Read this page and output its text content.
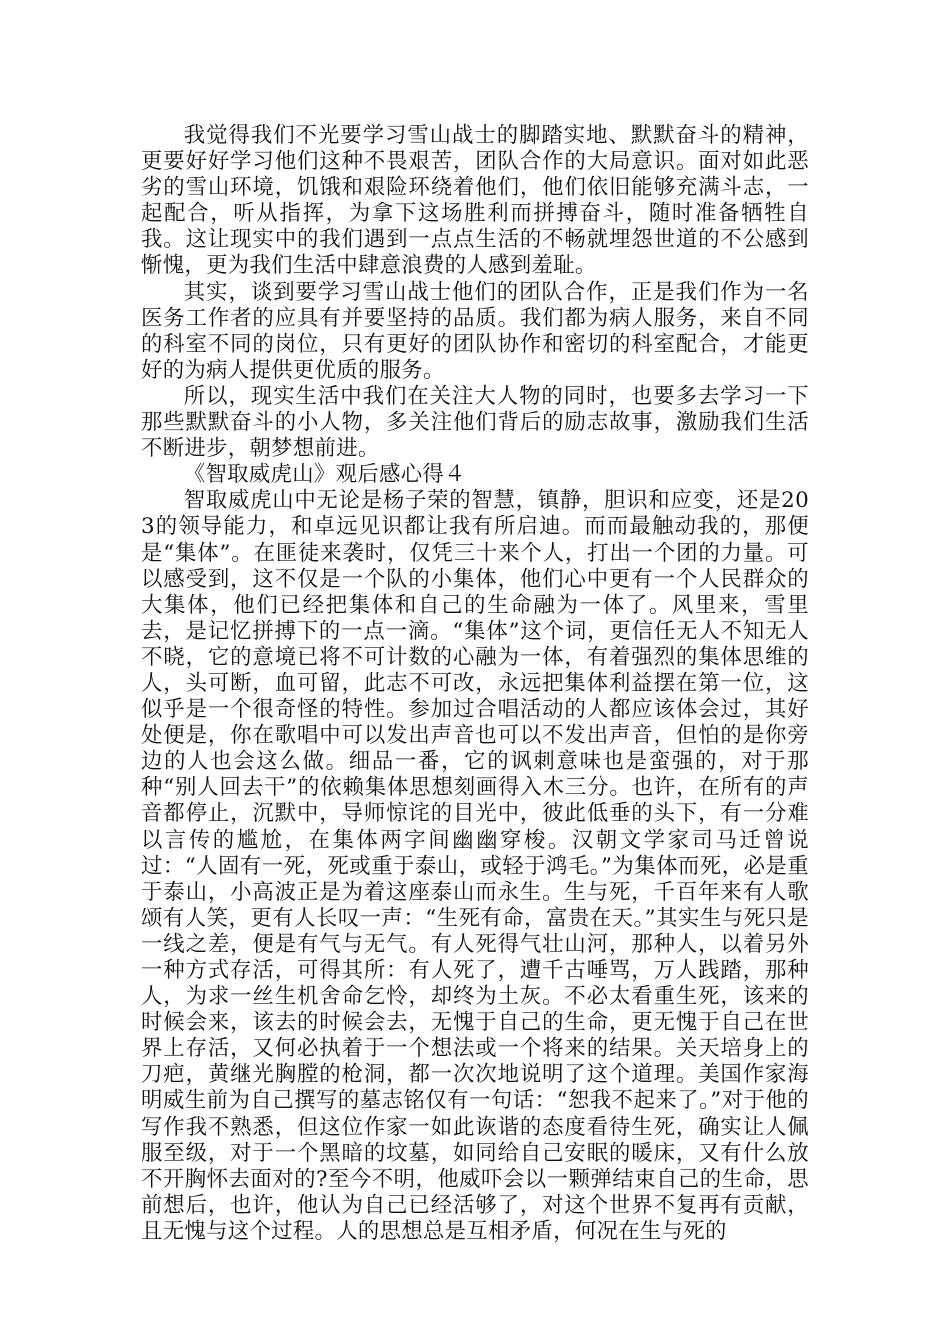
我觉得我们不光要学习雪山战士的脚踏实地、默默奋斗的精神，更要好好学习他们这种不畏艰苦，团队合作的大局意识。面对如此恶劣的雪山环境，饥饿和艰险环绕着他们，他们依旧能够充满斗志，一起配合，听从指挥，为拿下这场胜利而拼搏奋斗，随时准备牺牲自我。这让现实中的我们遇到一点点生活的不畅就埋怨世道的不公感到惭愧，更为我们生活中肆意浪费的人感到羞耻。

其实，谈到要学习雪山战士他们的团队合作，正是我们作为一名医务工作者的应具有并要坚持的品质。我们都为病人服务，来自不同的科室不同的岗位，只有更好的团队协作和密切的科室配合，才能更好的为病人提供更优质的服务。

所以，现实生活中我们在关注大人物的同时，也要多去学习一下那些默默奋斗的小人物，多关注他们背后的励志故事，激励我们生活不断进步，朝梦想前进。

《智取威虎山》观后感心得４

智取威虎山中无论是杨子荣的智慧，镇静，胆识和应变，还是203的领导能力，和卓远见识都让我有所启迪。而而最触动我的，那便是“集体”。在匪徒来袭时，仅凭三十来个人，打出一个团的力量。可以感受到，这不仅是一个队的小集体，他们心中更有一个人民群众的大集体，他们已经把集体和自己的生命融为一体了。风里来，雪里去，是记忆拼搏下的一点一滴。“集体”这个词，更信任无人不知无人不晓，它的意境已将不可计数的心融为一体，有着强烈的集体思维的人，头可断，血可留，此志不可改，永远把集体利益摆在第一位，这似乎是一个很奇怪的特性。参加过合唱活动的人都应该体会过，其好处便是，你在歌唱中可以发出声音也可以不发出声音，但怕的是你旁边的人也会这么做。细品一番，它的讽刺意味也是蛮强的，对于那种“别人回去干”的依赖集体思想刻画得入木三分。也许，在所有的声音都停止，沉默中，导师惊诧的目光中，彼此低垂的头下，有一分难以言传的尴尬，在集体两字间幽幽穿梭。汉朝文学家司马迁曾说过：“人固有一死，死或重于泰山，或轻于鸿毛。”为集体而死，必是重于泰山，小高波正是为着这座泰山而永生。生与死，千百年来有人歌颂有人笑，更有人长叹一声：“生死有命，富贵在天。”其实生与死只是一线之差，便是有气与无气。有人死得气壮山河，那种人，以着另外一种方式存活，可得其所：有人死了，遭千古唾骂，万人践踏，那种人，为求一丝生机舍命乞怜，却终为土灰。不必太看重生死，该来的时候会来，该去的时候会去，无愧于自己的生命，更无愧于自己在世界上存活，又何必执着于一个想法或一个将来的结果。关天培身上的刀疤，黄继光胸膛的枪洞，都一次次地说明了这个道理。美国作家海明威生前为自己撰写的墓志铭仅有一句话：“恕我不起来了。”对于他的写作我不熟悉，但这位作家一如此诙谐的态度看待生死，确实让人佩服至级，对于一个黑暗的坟墓，如同给自己安眠的暖床，又有什么放不开胸怀去面对的?至今不明，他威吓会以一颗弹结束自己的生命，思前想后，也许，他认为自己已经活够了，对这个世界不复再有贡献，且无愧与这个过程。人的思想总是互相矛盾，何况在生与死的
